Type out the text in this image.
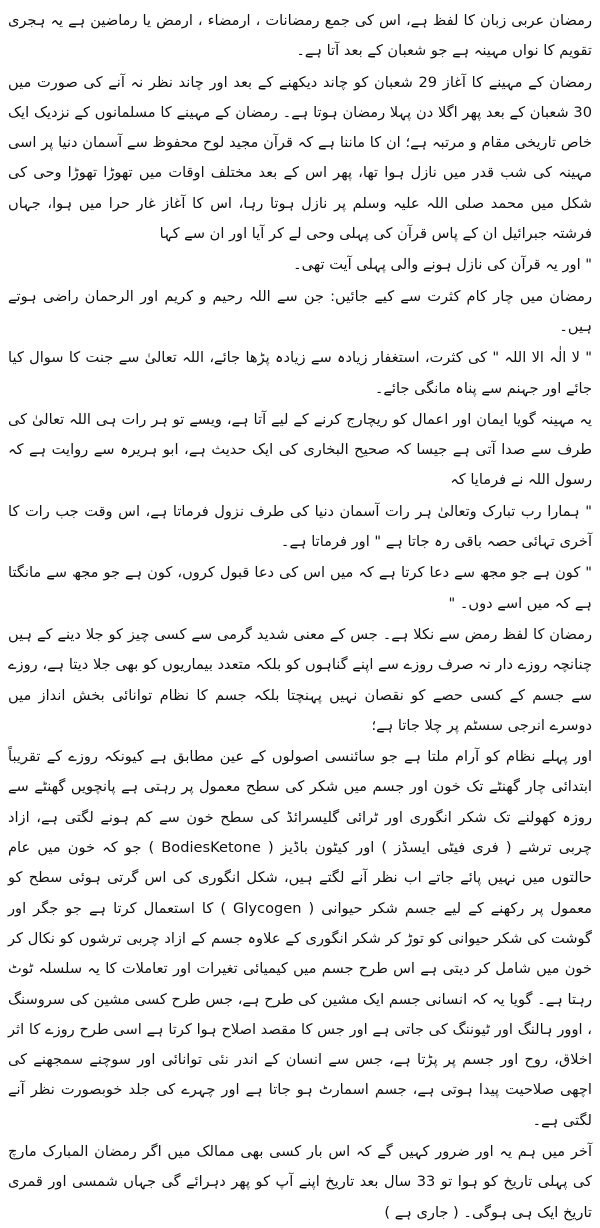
رمضان عربی زبان کا لفظ ہے، اس کی جمع رمضانات ، ارمضاء ، ارمض یا رماضین ہے یہ ہجری تقویم کا نواں مہینہ ہے جو شعبان کے بعد آتا ہے۔

رمضان کے مہینے کا آغاز 29 شعبان کو چاند دیکھنے کے بعد اور چاند نظر نہ آنے کی صورت میں 30 شعبان کے بعد پھر اگلا دن پہلا رمضان ہوتا ہے۔ رمضان کے مہینے کا مسلمانوں کے نزدیک ایک خاص تاریخی مقام و مرتبہ ہے؛ ان کا ماننا ہے کہ قرآن مجید لوح محفوظ سے آسمان دنیا پر اسی مہینہ کی شب قدر میں نازل ہوا تھا، پھر اس کے بعد مختلف اوقات میں تھوڑا تھوڑا وحی کی شکل میں محمد صلی اللہ علیہ وسلم پر نازل ہوتا رہا، اس کا آغاز غار حرا میں ہوا، جہاں فرشتہ جبرائیل ان کے پاس قرآن کی پہلی وحی لے کر آیا اور ان سے کہا

" اور یہ قرآن کی نازل ہونے والی پہلی آیت تھی۔

رمضان میں چار کام کثرت سے کیے جائیں: جن سے اللہ رحیم و کریم اور الرحمان راضی ہوتے ہیں۔

" لا الٰہ الا اللہ " کی کثرت، استغفار زیادہ سے زیادہ پڑھا جائے، اللہ تعالیٰ سے جنت کا سوال کیا جائے اور جہنم سے پناہ مانگی جائے۔

یہ مہینہ گویا ایمان اور اعمال کو ریچارج کرنے کے لیے آتا ہے، ویسے تو ہر رات ہی اللہ تعالیٰ کی طرف سے صدا آتی ہے جیسا کہ صحیح البخاری کی ایک حدیث ہے، ابو ہریرہ سے روایت ہے کہ رسول اللہ نے فرمایا کہ

" ہمارا رب تبارک وتعالیٰ ہر رات آسمان دنیا کی طرف نزول فرماتا ہے، اس وقت جب رات کا آخری تہائی حصہ باقی رہ جاتا ہے " اور فرماتا ہے۔

" کون ہے جو مجھ سے دعا کرتا ہے کہ میں اس کی دعا قبول کروں، کون ہے جو مجھ سے مانگتا ہے کہ میں اسے دوں۔ "

رمضان کا لفظ رمض سے نکلا ہے۔ جس کے معنی شدید گرمی سے کسی چیز کو جلا دینے کے ہیں چنانچہ روزے دار نہ صرف روزے سے اپنے گناہوں کو بلکہ متعدد بیماریوں کو بھی جلا دیتا ہے، روزے سے جسم کے کسی حصے کو نقصان نہیں پہنچتا بلکہ جسم کا نظام توانائی بخش انداز میں دوسرے انرجی سسٹم پر چلا جاتا ہے؛

اور پہلے نظام کو آرام ملتا ہے جو سائنسی اصولوں کے عین مطابق ہے کیونکہ روزے کے تقریباً ابتدائی چار گھنٹے تک خون اور جسم میں شکر کی سطح معمول پر رہتی ہے پانچویں گھنٹے سے روزہ کھولنے تک شکر انگوری اور ٹرائی گلیسرائڈ کی سطح خون سے کم ہونے لگتی ہے، ازاد چربی ترشے ( فری فیٹی ایسڈز ) اور کیٹون باڈیز ( BodiesKetone ) جو کہ خون میں عام حالتوں میں نہیں پائے جاتے اب نظر آنے لگتے ہیں، شکل انگوری کی اس گرتی ہوئی سطح کو معمول پر رکھنے کے لیے جسم شکر حیوانی ( Glycogen ) کا استعمال کرتا ہے جو جگر اور گوشت کی شکر حیوانی کو توڑ کر شکر انگوری کے علاوہ جسم کے ازاد چربی ترشوں کو نکال کر خون میں شامل کر دیتی ہے اس طرح جسم میں کیمیائی تغیرات اور تعاملات کا یہ سلسلہ ٹوٹ رہتا ہے۔ گویا یہ کہ انسانی جسم ایک مشین کی طرح ہے، جس طرح کسی مشین کی سروسنگ ، اوور ہالنگ اور ٹیوننگ کی جاتی ہے اور جس کا مقصد اصلاح ہوا کرتا ہے اسی طرح روزے کا اثر اخلاق، روح اور جسم پر پڑتا ہے، جس سے انسان کے اندر نئی توانائی اور سوچنے سمجھنے کی اچھی صلاحیت پیدا ہوتی ہے، جسم اسمارٹ ہو جاتا ہے اور چہرے کی جلد خوبصورت نظر آنے لگتی ہے۔

آخر میں ہم یہ اور ضرور کہیں گے کہ اس بار کسی بھی ممالک میں اگر رمضان المبارک مارچ کی پہلی تاریخ کو ہوا تو 33 سال بعد تاریخ اپنے آپ کو پھر دہرائے گی جہاں شمسی اور قمری تاریخ ایک ہی ہوگی۔ ( جاری ہے )
